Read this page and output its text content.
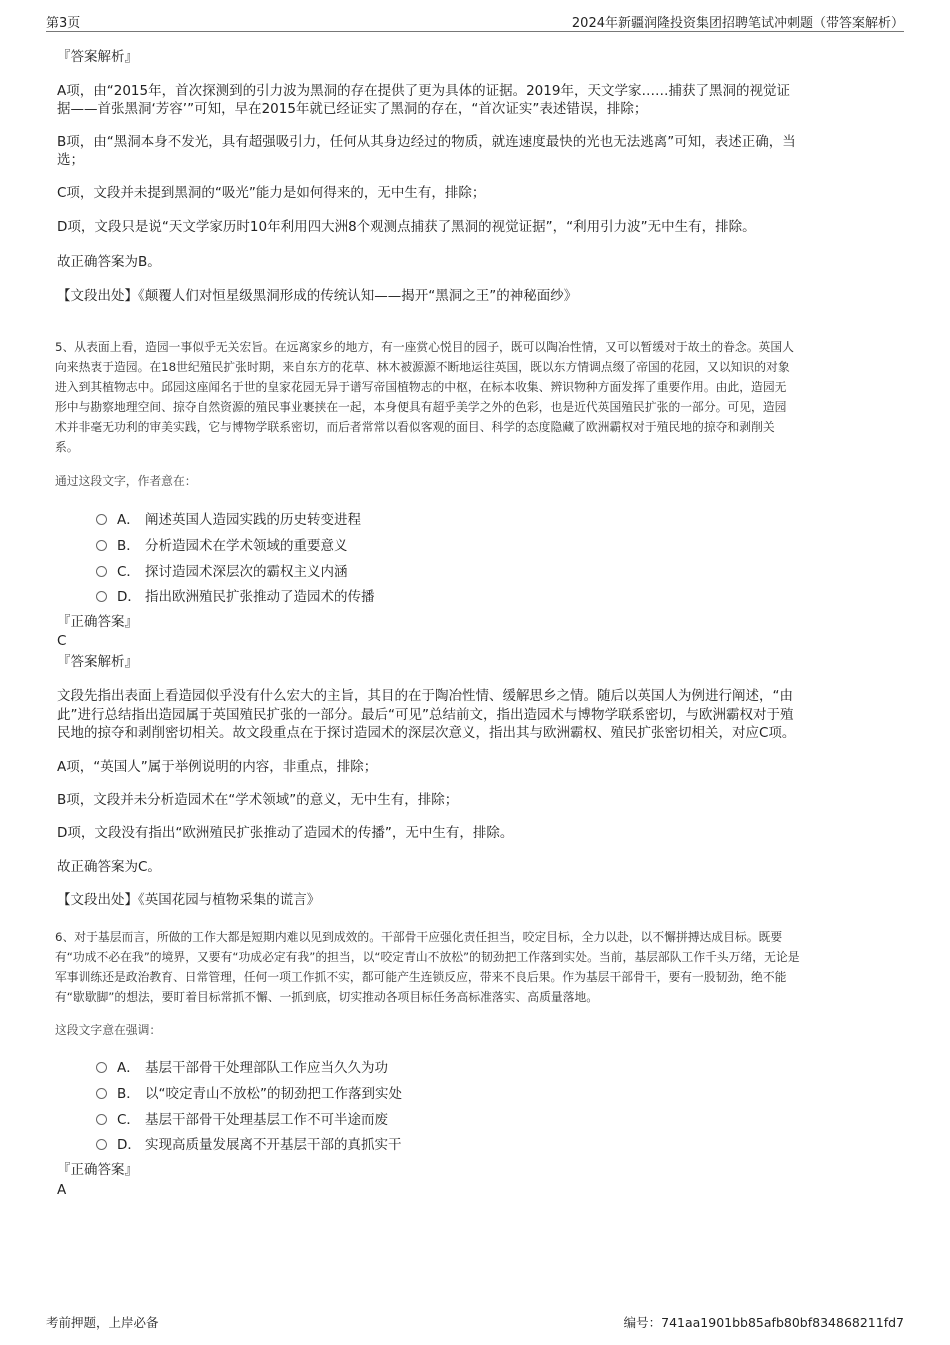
第3页	2024年新疆润隆投资集团招聘笔试冲刺题（带答案解析）
『答案解析』
A项，由“2015年，首次探测到的引力波为黑洞的存在提供了更为具体的证据。2019年，天文学家……捕获了黑洞的视觉证
据——首张黑洞‘芳容’”可知，早在2015年就已经证实了黑洞的存在，“首次证实”表述错误，排除；
B项，由“黑洞本身不发光，具有超强吸引力，任何从其身边经过的物质，就连速度最快的光也无法逃离”可知，表述正确，当
选；
C项，文段并未提到黑洞的“吸光”能力是如何得来的，无中生有，排除；
D项，文段只是说“天文学家历时10年利用四大洲8个观测点捕获了黑洞的视觉证据”，“利用引力波”无中生有，排除。
故正确答案为B。
【文段出处】《颠覆人们对恒星级黑洞形成的传统认知——揭开“黑洞之王”的神秘面纱》
5、从表面上看，造园一事似乎无关宏旨。在远离家乡的地方，有一座赏心悦目的园子，既可以陶冶性情，又可以暂缓对于故土的眷念。英国人
向来热衷于造园。在18世纪殖民扩张时期，来自东方的花草、林木被源源不断地运往英国，既以东方情调点缀了帝国的花园，又以知识的对象
进入到其植物志中。邱园这座闻名于世的皇家花园无异于谱写帝国植物志的中枢，在标本收集、辨识物种方面发挥了重要作用。由此，造园无
形中与勘察地理空间、掠夺自然资源的殖民事业裹挟在一起，本身便具有超乎美学之外的色彩，也是近代英国殖民扩张的一部分。可见，造园
术并非毫无功利的审美实践，它与博物学联系密切，而后者常常以看似客观的面目、科学的态度隐藏了欧洲霸权对于殖民地的掠夺和剥削关
系。
通过这段文字，作者意在：
A． 阐述英国人造园实践的历史转变进程
B． 分析造园术在学术领域的重要意义
C． 探讨造园术深层次的霸权主义内涵
D． 指出欧洲殖民扩张推动了造园术的传播
『正确答案』
C
『答案解析』
文段先指出表面上看造园似乎没有什么宏大的主旨，其目的在于陶冶性情、缓解思乡之情。随后以英国人为例进行阐述，“由
此”进行总结指出造园属于英国殖民扩张的一部分。最后“可见”总结前文，指出造园术与博物学联系密切，与欧洲霸权对于殖
民地的掠夺和剥削密切相关。故文段重点在于探讨造园术的深层次意义，指出其与欧洲霸权、殖民扩张密切相关，对应C项。
A项，“英国人”属于举例说明的内容，非重点，排除；
B项，文段并未分析造园术在“学术领域”的意义，无中生有，排除；
D项，文段没有指出“欧洲殖民扩张推动了造园术的传播”，无中生有，排除。
故正确答案为C。
【文段出处】《英国花园与植物采集的谎言》
6、对于基层而言，所做的工作大都是短期内难以见到成效的。干部骨干应强化责任担当，咬定目标，全力以赴，以不懈拼搏达成目标。既要
有“功成不必在我”的境界，又要有“功成必定有我”的担当，以“咬定青山不放松”的韧劲把工作落到实处。当前，基层部队工作千头万绪，无论是
军事训练还是政治教育、日常管理，任何一项工作抓不实，都可能产生连锁反应，带来不良后果。作为基层干部骨干，要有一股韧劲，绝不能
有“歇歇脚”的想法，要盯着目标常抓不懈、一抓到底，切实推动各项目标任务高标准落实、高质量落地。
这段文字意在强调：
A． 基层干部骨干处理部队工作应当久久为功
B． 以“咬定青山不放松”的韧劲把工作落到实处
C． 基层干部骨干处理基层工作不可半途而废
D． 实现高质量发展离不开基层干部的真抓实干
『正确答案』
A
考前押题，上岸必备	编号：741aa1901bb85afb80bf834868211fd7
